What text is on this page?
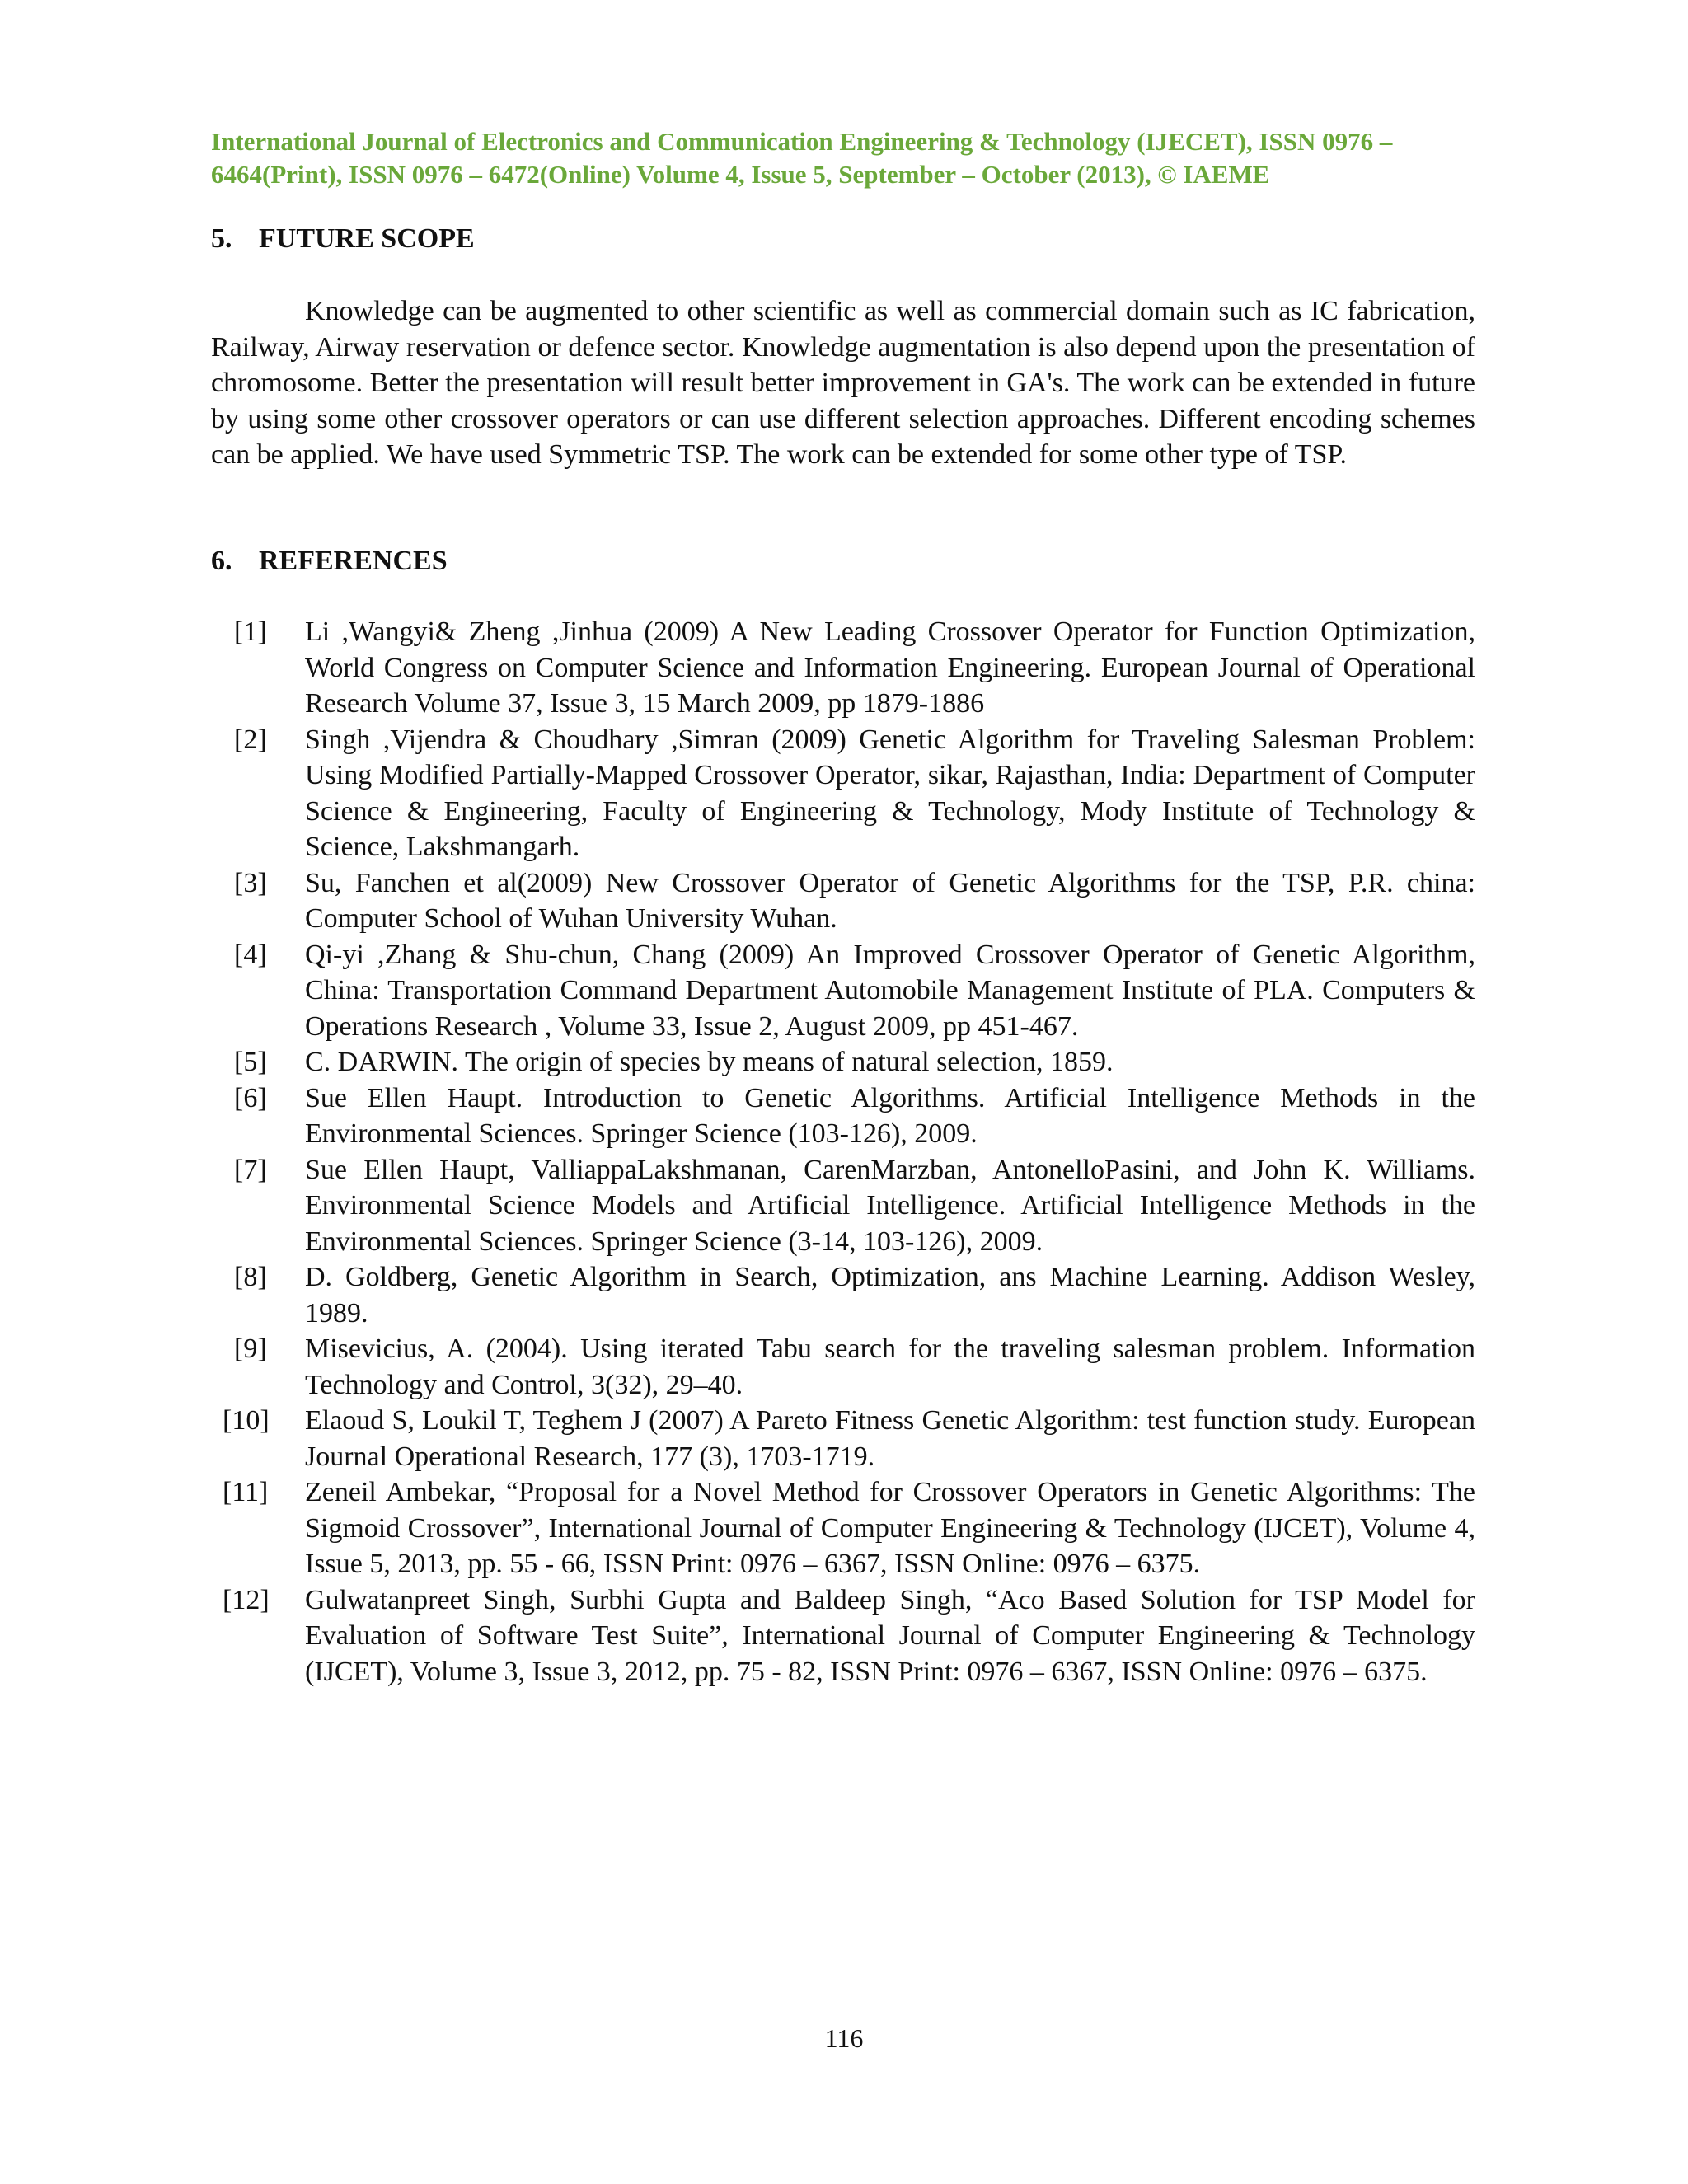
International Journal of Electronics and Communication Engineering & Technology (IJECET), ISSN 0976 –
6464(Print), ISSN 0976 – 6472(Online) Volume 4, Issue 5, September – October (2013), © IAEME
5. FUTURE SCOPE

Knowledge can be augmented to other scientific as well as commercial domain such as IC fabrication, Railway, Airway reservation or defence sector. Knowledge augmentation is also depend upon the presentation of chromosome. Better the presentation will result better improvement in GA's. The work can be extended in future by using some other crossover operators or can use different selection approaches. Different encoding schemes can be applied. We have used Symmetric TSP. The work can be extended for some other type of TSP.

6. REFERENCES
[1] Li ,Wangyi& Zheng ,Jinhua (2009) A New Leading Crossover Operator for Function Optimization, World Congress on Computer Science and Information Engineering. European Journal of Operational Research Volume 37, Issue 3, 15 March 2009, pp 1879-1886
[2] Singh ,Vijendra & Choudhary ,Simran (2009) Genetic Algorithm for Traveling Salesman Problem: Using Modified Partially-Mapped Crossover Operator, sikar, Rajasthan, India: Department of Computer Science & Engineering, Faculty of Engineering & Technology, Mody Institute of Technology & Science, Lakshmangarh.
[3] Su, Fanchen et al(2009) New Crossover Operator of Genetic Algorithms for the TSP, P.R. china: Computer School of Wuhan University Wuhan.
[4] Qi-yi ,Zhang & Shu-chun, Chang (2009) An Improved Crossover Operator of Genetic Algorithm, China: Transportation Command Department Automobile Management Institute of PLA. Computers & Operations Research , Volume 33, Issue 2, August 2009, pp 451-467.
[5] C. DARWIN. The origin of species by means of natural selection, 1859.
[6] Sue Ellen Haupt. Introduction to Genetic Algorithms. Artificial Intelligence Methods in the Environmental Sciences. Springer Science (103-126), 2009.
[7] Sue Ellen Haupt, ValliappaLakshmanan, CarenMarzban, AntonelloPasini, and John K. Williams. Environmental Science Models and Artificial Intelligence. Artificial Intelligence Methods in the Environmental Sciences. Springer Science (3-14, 103-126), 2009.
[8] D. Goldberg, Genetic Algorithm in Search, Optimization, ans Machine Learning. Addison Wesley, 1989.
[9] Misevicius, A. (2004). Using iterated Tabu search for the traveling salesman problem. Information Technology and Control, 3(32), 29–40.
[10] Elaoud S, Loukil T, Teghem J (2007) A Pareto Fitness Genetic Algorithm: test function study. European Journal Operational Research, 177 (3), 1703-1719.
[11] Zeneil Ambekar, “Proposal for a Novel Method for Crossover Operators in Genetic Algorithms: The Sigmoid Crossover”, International Journal of Computer Engineering & Technology (IJCET), Volume 4, Issue 5, 2013, pp. 55 - 66, ISSN Print: 0976 – 6367, ISSN Online: 0976 – 6375.
[12] Gulwatanpreet Singh, Surbhi Gupta and Baldeep Singh, “Aco Based Solution for TSP Model for Evaluation of Software Test Suite”, International Journal of Computer Engineering & Technology (IJCET), Volume 3, Issue 3, 2012, pp. 75 - 82, ISSN Print: 0976 – 6367, ISSN Online: 0976 – 6375.
116
